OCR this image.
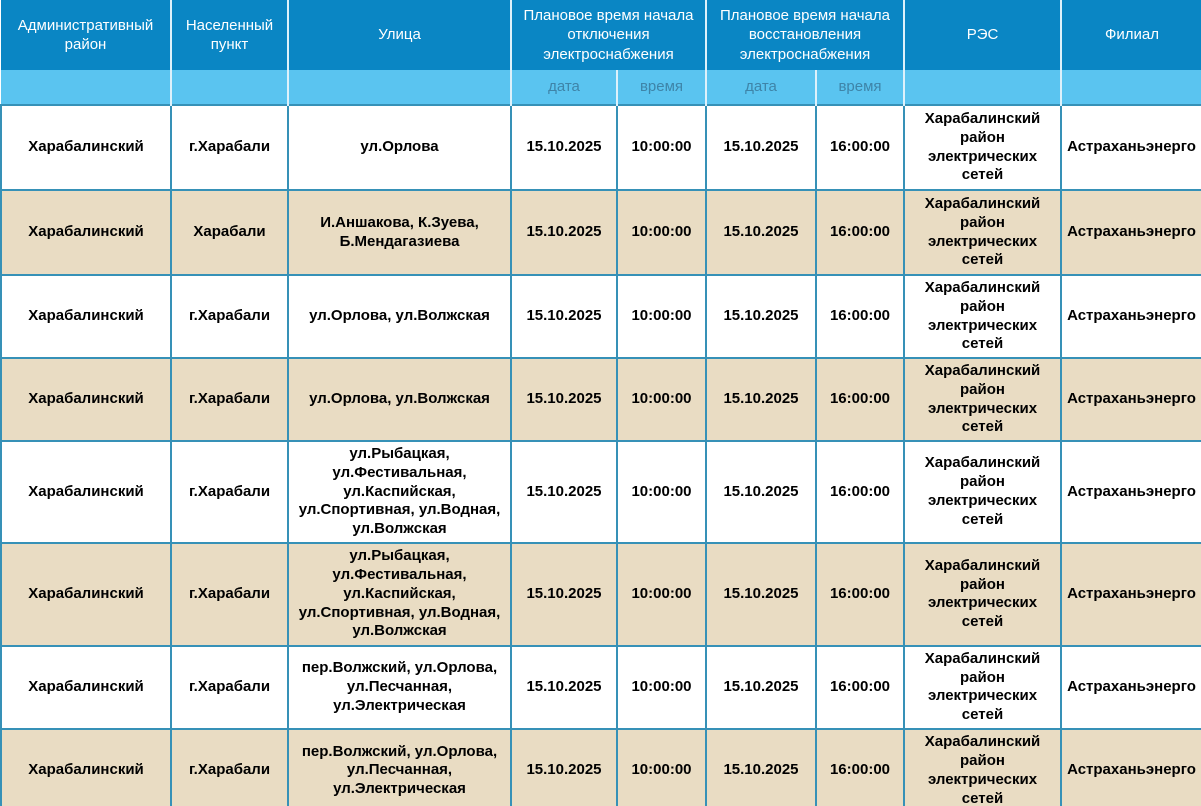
Административный район	Населенный пункт	Улица	Плановое время начала отключения электроснабжения		Плановое время начала восстановления электроснабжения		РЭС	Филиал
			дата	время	дата	время		
Харабалинский	г.Харабали	ул.Орлова	15.10.2025	10:00:00	15.10.2025	16:00:00	Харабалинский район электрических сетей	Астраханьэнерго
Харабалинский	Харабали	И.Аншакова, К.Зуева, Б.Мендагазиева	15.10.2025	10:00:00	15.10.2025	16:00:00	Харабалинский район электрических сетей	Астраханьэнерго
Харабалинский	г.Харабали	ул.Орлова, ул.Волжская	15.10.2025	10:00:00	15.10.2025	16:00:00	Харабалинский район электрических сетей	Астраханьэнерго
Харабалинский	г.Харабали	ул.Орлова, ул.Волжская	15.10.2025	10:00:00	15.10.2025	16:00:00	Харабалинский район электрических сетей	Астраханьэнерго
Харабалинский	г.Харабали	ул.Рыбацкая, ул.Фестивальная, ул.Каспийская, ул.Спортивная, ул.Водная, ул.Волжская	15.10.2025	10:00:00	15.10.2025	16:00:00	Харабалинский район электрических сетей	Астраханьэнерго
Харабалинский	г.Харабали	ул.Рыбацкая, ул.Фестивальная, ул.Каспийская, ул.Спортивная, ул.Водная, ул.Волжская	15.10.2025	10:00:00	15.10.2025	16:00:00	Харабалинский район электрических сетей	Астраханьэнерго
Харабалинский	г.Харабали	пер.Волжский, ул.Орлова, ул.Песчанная, ул.Электрическая	15.10.2025	10:00:00	15.10.2025	16:00:00	Харабалинский район электрических сетей	Астраханьэнерго
Харабалинский	г.Харабали	пер.Волжский, ул.Орлова, ул.Песчанная, ул.Электрическая	15.10.2025	10:00:00	15.10.2025	16:00:00	Харабалинский район электрических сетей	Астраханьэнерго
